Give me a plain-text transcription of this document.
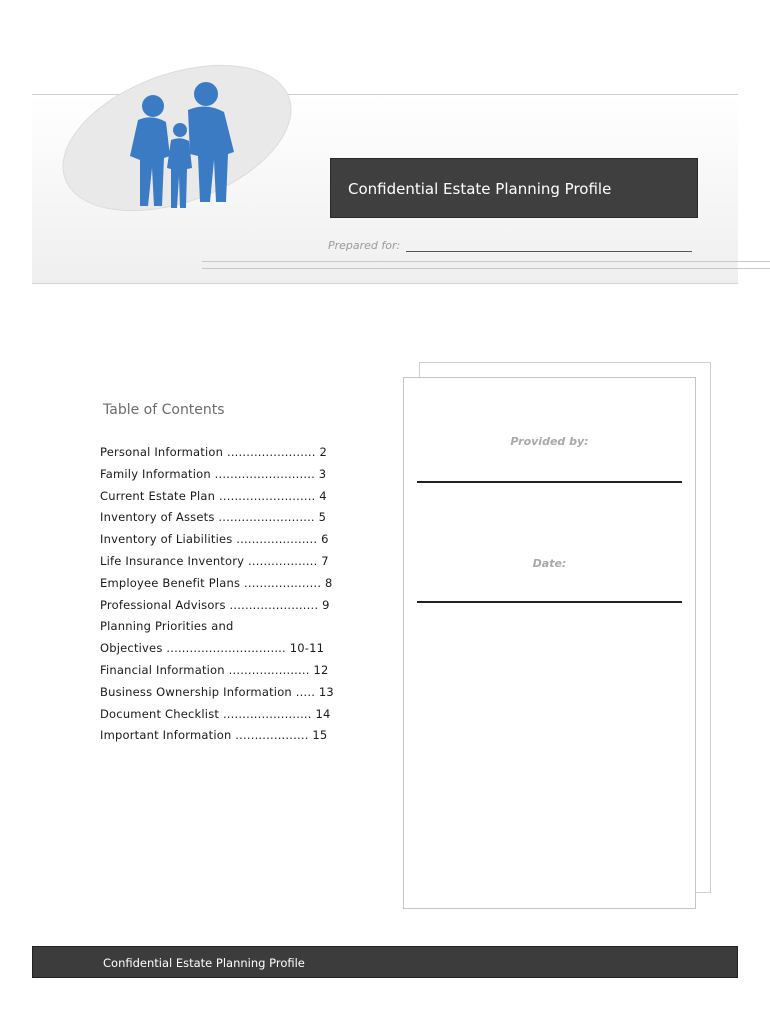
Confidential Estate Planning Profile
Prepared for:
Table of Contents
Personal Information ....................... 2
Family Information .......................... 3
Current Estate Plan ......................... 4
Inventory of Assets ......................... 5
Inventory of Liabilities ..................... 6
Life Insurance Inventory .................. 7
Employee Benefit Plans .................... 8
Professional Advisors ....................... 9
Planning Priorities and
Objectives ............................... 10-11
Financial Information ..................... 12
Business Ownership Information ..... 13
Document Checklist ....................... 14
Important Information ................... 15
Provided by:
Date:
Confidential Estate Planning Profile
